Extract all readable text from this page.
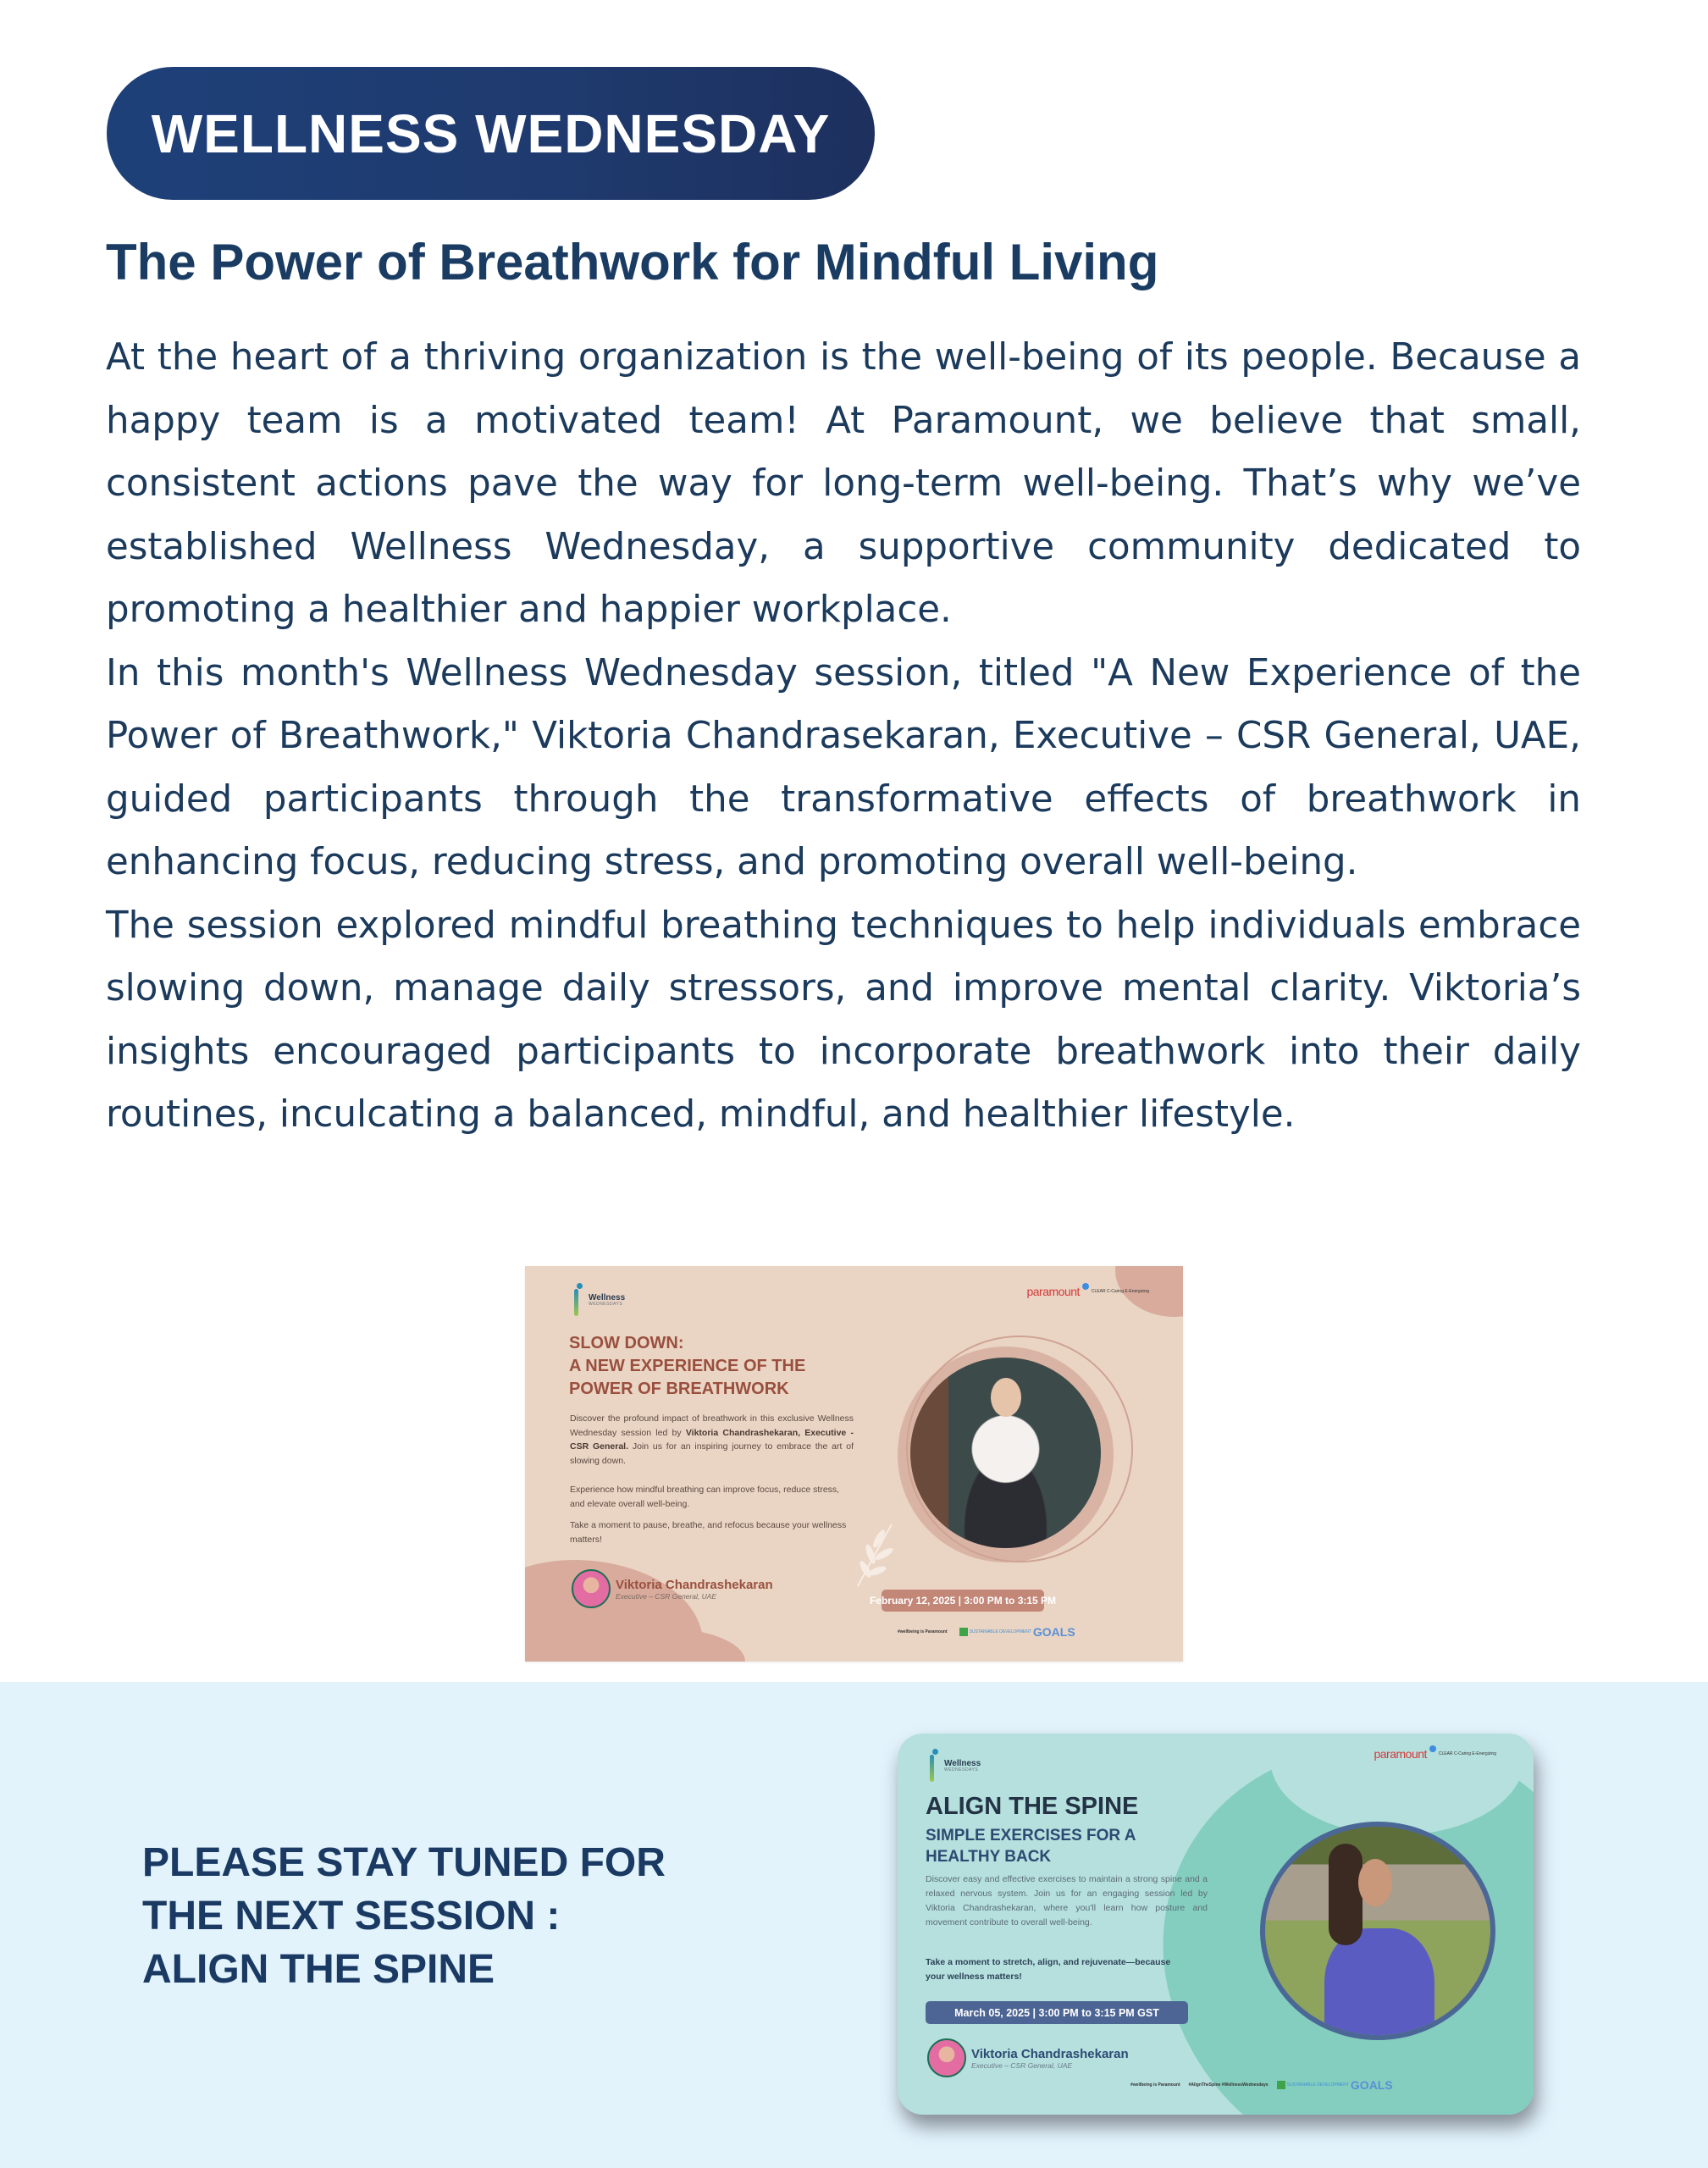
WELLNESS WEDNESDAY
The Power of Breathwork for Mindful Living

At the heart of a thriving organization is the well-being of its people. Because a happy team is a motivated team! At Paramount, we believe that small, consistent actions pave the way for long-term well-being. That’s why we’ve established Wellness Wednesday, a supportive community dedicated to promoting a healthier and happier workplace.

In this month's Wellness Wednesday session, titled "A New Experience of the Power of Breathwork," Viktoria Chandrasekaran, Executive – CSR General, UAE, guided participants through the transformative effects of breathwork in enhancing focus, reducing stress, and promoting overall well-being.

The session explored mindful breathing techniques to help individuals embrace slowing down, manage daily stressors, and improve mental clarity. Viktoria’s insights encouraged participants to incorporate breathwork into their daily routines, inculcating a balanced, mindful, and healthier lifestyle.

Wellness
WEDNESDAYS
paramount	CLEAR C-Caring E-Energizing
SLOW DOWN:
A NEW EXPERIENCE OF THE
POWER OF BREATHWORK
Discover the profound impact of breathwork in this exclusive Wellness Wednesday session led by Viktoria Chandrashekaran, Executive - CSR General. Join us for an inspiring journey to embrace the art of slowing down.
Experience how mindful breathing can improve focus, reduce stress, and elevate overall well-being.
Take a moment to pause, breathe, and refocus because your wellness matters!
Viktoria Chandrashekaran
Executive – CSR General, UAE	February 12, 2025 | 3:00 PM to 3:15 PM
#wellbeing is Paramount	SUSTAINABLE DEVELOPMENT GOALS
PLEASE STAY TUNED FOR
THE NEXT SESSION :
ALIGN THE SPINE
Wellness
WEDNESDAYS
paramount	CLEAR C-Caring E-Energizing
ALIGN THE SPINE
SIMPLE EXERCISES FOR A
HEALTHY BACK
Discover easy and effective exercises to maintain a strong spine and a relaxed nervous system. Join us for an engaging session led by Viktoria Chandrashekaran, where you'll learn how posture and movement contribute to overall well-being.
Take a moment to stretch, align, and rejuvenate—because your wellness matters!
March 05, 2025 | 3:00 PM to 3:15 PM GST
Viktoria Chandrashekaran
Executive – CSR General, UAE
#wellbeing is Paramount #AlignTheSpine #WellnessWednesdays	SUSTAINABLE DEVELOPMENT GOALS
